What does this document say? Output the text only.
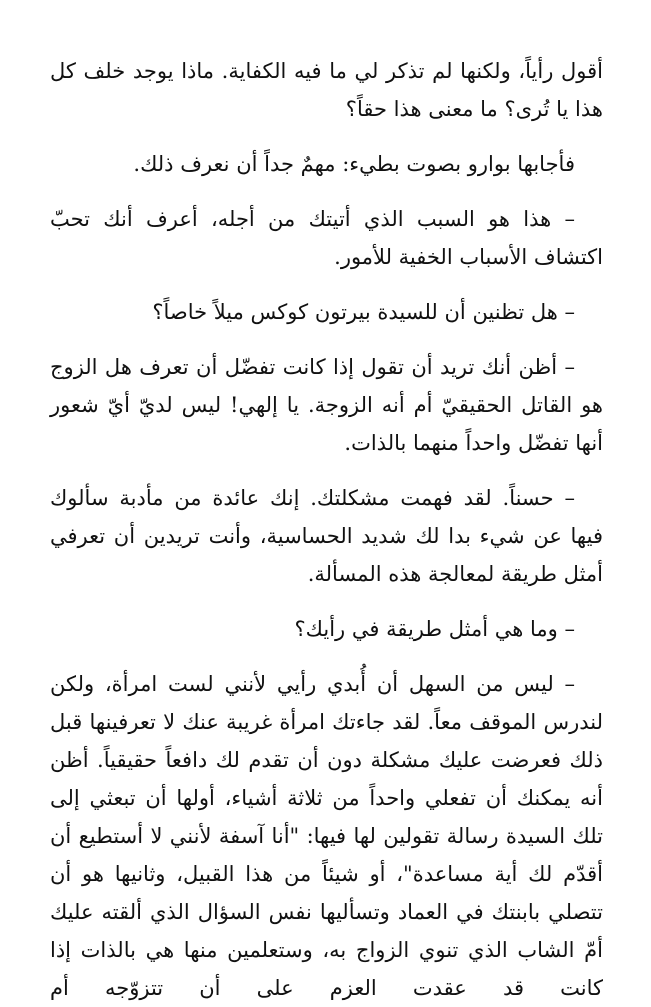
أقول رأياً، ولكنها لم تذكر لي ما فيه الكفاية. ماذا يوجد خلف كل هذا يا تُرى؟ ما معنى هذا حقاً؟

فأجابها بوارو بصوت بطيء: مهمٌ جداً أن نعرف ذلك.

– هذا هو السبب الذي أتيتك من أجله، أعرف أنك تحبّ اكتشاف الأسباب الخفية للأمور.

– هل تظنين أن للسيدة بيرتون كوكس ميلاً خاصاً؟

– أظن أنك تريد أن تقول إذا كانت تفضّل أن تعرف هل الزوج هو القاتل الحقيقيّ أم أنه الزوجة. يا إلهي! ليس لديّ أيّ شعور أنها تفضّل واحداً منهما بالذات.

– حسناً. لقد فهمت مشكلتك. إنك عائدة من مأدبة سألوك فيها عن شيء بدا لك شديد الحساسية، وأنت تريدين أن تعرفي أمثل طريقة لمعالجة هذه المسألة.

– وما هي أمثل طريقة في رأيك؟

– ليس من السهل أن أُبدي رأيي لأنني لست امرأة، ولكن لندرس الموقف معاً. لقد جاءتك امرأة غريبة عنك لا تعرفينها قبل ذلك فعرضت عليك مشكلة دون أن تقدم لك دافعاً حقيقياً. أظن أنه يمكنك أن تفعلي واحداً من ثلاثة أشياء، أولها أن تبعثي إلى تلك السيدة رسالة تقولين لها فيها: "أنا آسفة لأنني لا أستطيع أن أقدّم لك أية مساعدة"، أو شيئاً من هذا القبيل، وثانيها هو أن تتصلي بابنتك في العماد وتسأليها نفس السؤال الذي ألقته عليك أمّ الشاب الذي تنوي الزواج به، وستعلمين منها هي بالذات إذا كانت قد عقدت العزم على أن تتزوّجه أم
